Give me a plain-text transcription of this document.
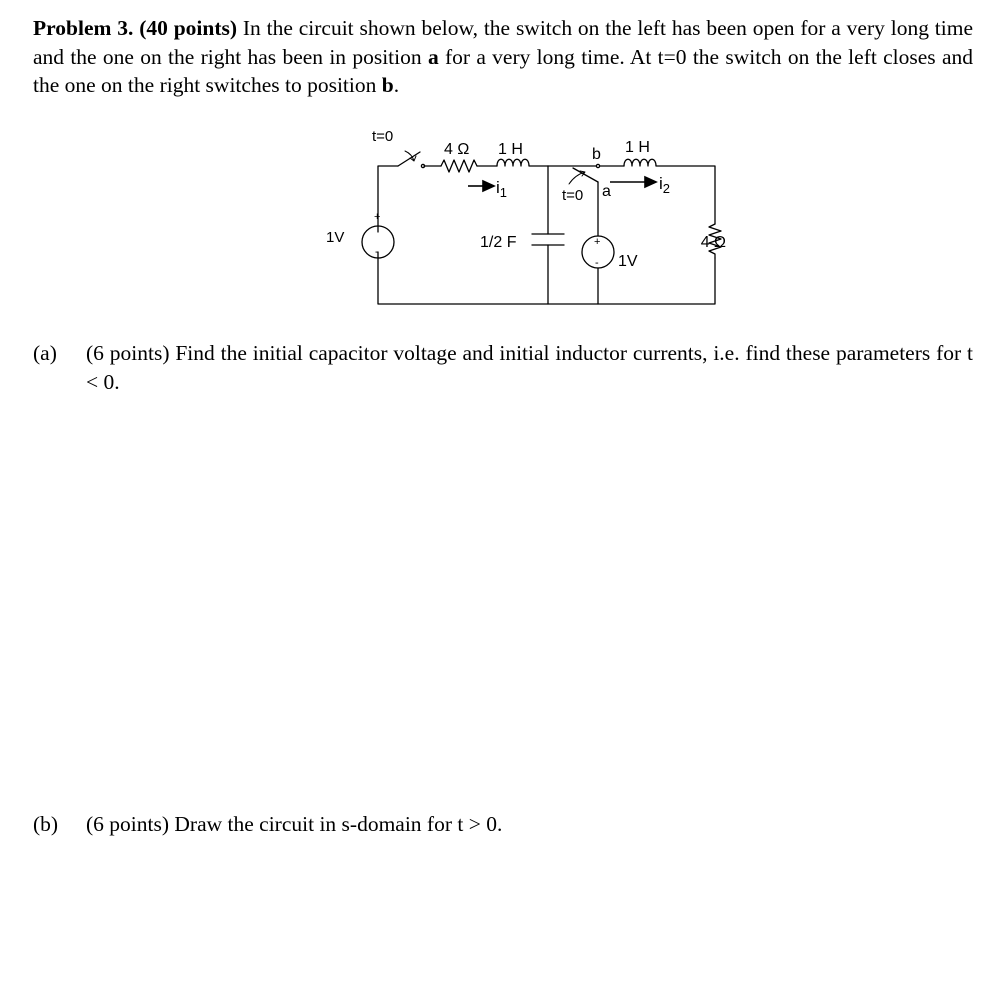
Problem 3. (40 points) In the circuit shown below, the switch on the left has been open for a very long time and the one on the right has been in position a for a very long time. At t=0 the switch on the left closes and the one on the right switches to position b.
t=0
4 Ω 1 H
$i_1$
b 1 H
$i_2$
t=0 a
1V
+
-
1/2 F	+
- 1V
4 Ω
(a) (6 points) Find the initial capacitor voltage and initial inductor currents, i.e. find these parameters for t < 0.
(b) (6 points) Draw the circuit in s-domain for t > 0.
